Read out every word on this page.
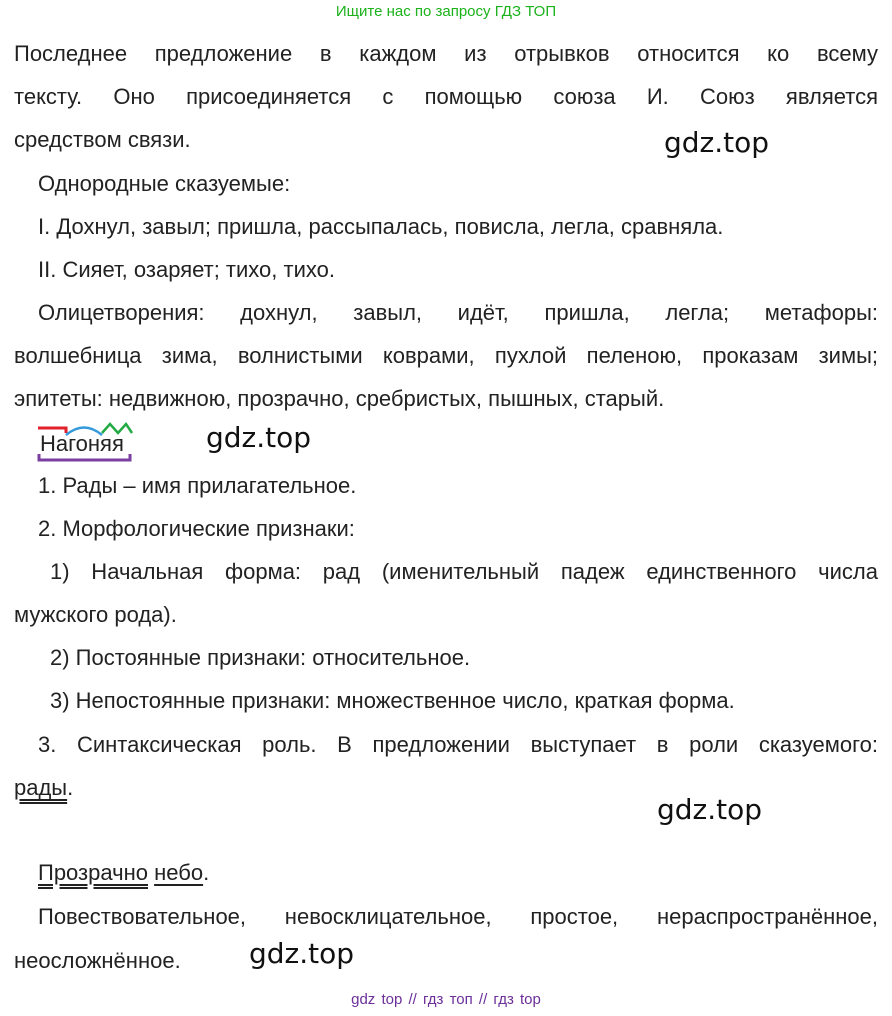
Ищите нас по запросу ГДЗ ТОП
Последнее предложение в каждом из отрывков относится ко всему
тексту. Оно присоединяется с помощью союза И. Союз является
средством связи.	gdz.top
Однородные сказуемые:
I. Дохнул, завыл; пришла, рассыпалась, повисла, легла, сравняла.
II. Сияет, озаряет; тихо, тихо.
Олицетворения: дохнул, завыл, идёт, пришла, легла; метафоры:
волшебница зима, волнистыми коврами, пухлой пеленою, проказам зимы;
эпитеты: недвижною, прозрачно, сребристых, пышных, старый.
Нагоняя	gdz.top
1. Рады – имя прилагательное.
2. Морфологические признаки:
1) Начальная форма: рад (именительный падеж единственного числа
мужского рода).
2) Постоянные признаки: относительное.
3) Непостоянные признаки: множественное число, краткая форма.
3. Синтаксическая роль. В предложении выступает в роли сказуемого:
рады.
gdz.top
Прозрачно небо.
Повествовательное, невосклицательное, простое, нераспространённое,
неосложнённое.	gdz.top
gdz top // гдз топ // гдз top
